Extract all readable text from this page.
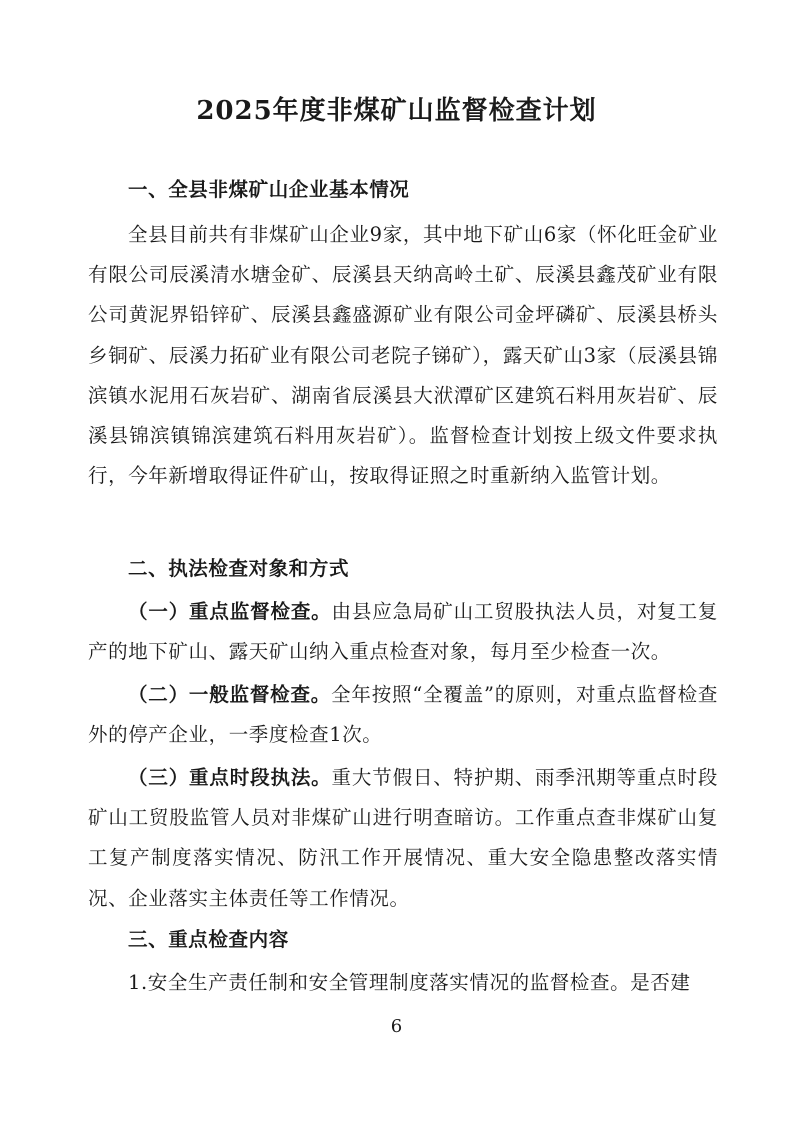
2025年度非煤矿山监督检查计划
一、全县非煤矿山企业基本情况
全县目前共有非煤矿山企业9家，其中地下矿山6家（怀化旺金矿业有限公司辰溪清水塘金矿、辰溪县天纳高岭土矿、辰溪县鑫茂矿业有限公司黄泥界铅锌矿、辰溪县鑫盛源矿业有限公司金坪磷矿、辰溪县桥头乡铜矿、辰溪力拓矿业有限公司老院子锑矿），露天矿山3家（辰溪县锦滨镇水泥用石灰岩矿、湖南省辰溪县大洑潭矿区建筑石料用灰岩矿、辰溪县锦滨镇锦滨建筑石料用灰岩矿）。监督检查计划按上级文件要求执行，今年新增取得证件矿山，按取得证照之时重新纳入监管计划。
二、执法检查对象和方式
（一）重点监督检查。由县应急局矿山工贸股执法人员，对复工复产的地下矿山、露天矿山纳入重点检查对象，每月至少检查一次。
（二）一般监督检查。全年按照“全覆盖”的原则，对重点监督检查外的停产企业，一季度检查1次。
（三）重点时段执法。重大节假日、特护期、雨季汛期等重点时段矿山工贸股监管人员对非煤矿山进行明查暗访。工作重点查非煤矿山复工复产制度落实情况、防汛工作开展情况、重大安全隐患整改落实情况、企业落实主体责任等工作情况。
三、重点检查内容
1.安全生产责任制和安全管理制度落实情况的监督检查。是否建
6
